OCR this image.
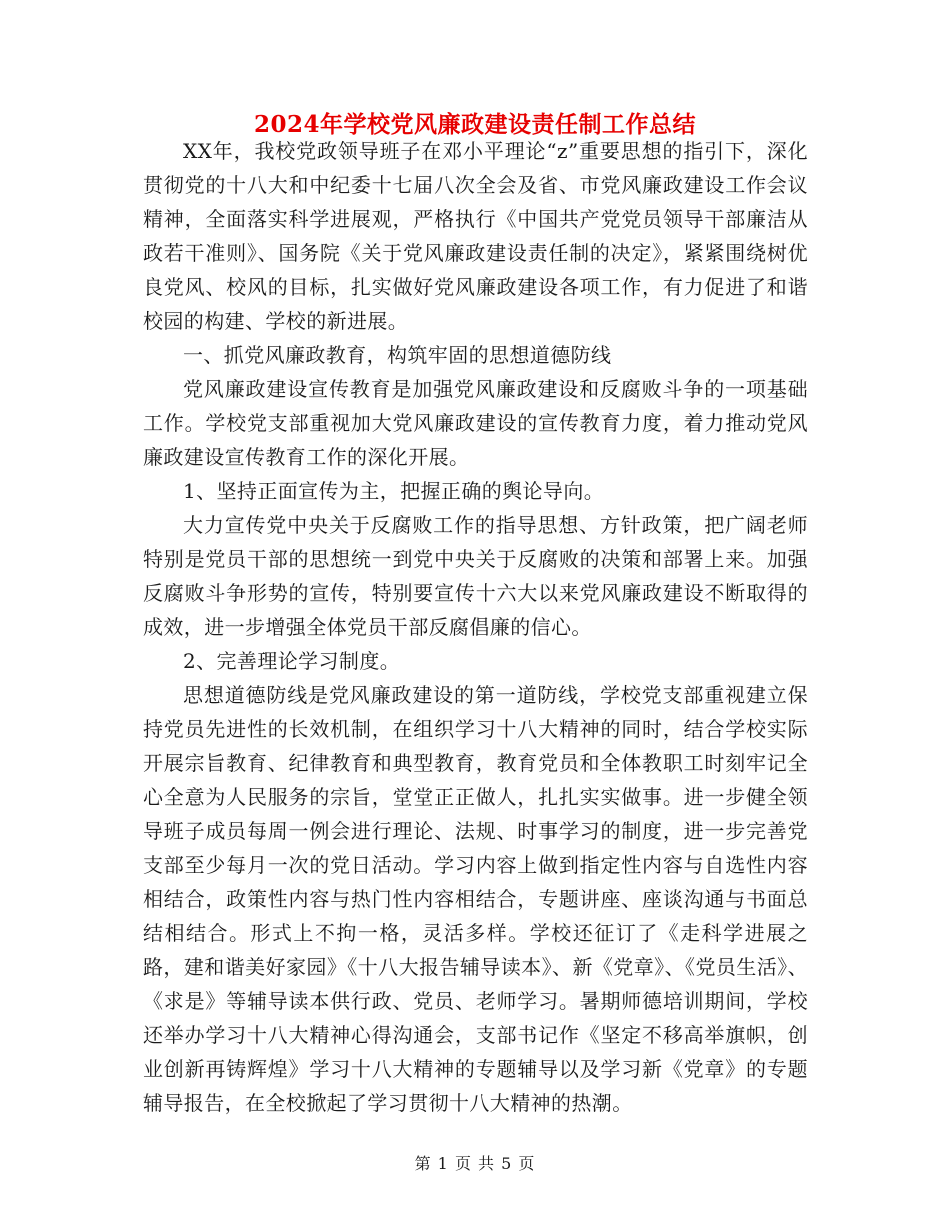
2024年学校党风廉政建设责任制工作总结

XX年，我校党政领导班子在邓小平理论“z”重要思想的指引下，深化贯彻党的十八大和中纪委十七届八次全会及省、市党风廉政建设工作会议精神，全面落实科学进展观，严格执行《中国共产党党员领导干部廉洁从政若干准则》、国务院《关于党风廉政建设责任制的决定》，紧紧围绕树优良党风、校风的目标，扎实做好党风廉政建设各项工作，有力促进了和谐校园的构建、学校的新进展。

一、抓党风廉政教育，构筑牢固的思想道德防线

党风廉政建设宣传教育是加强党风廉政建设和反腐败斗争的一项基础工作。学校党支部重视加大党风廉政建设的宣传教育力度，着力推动党风廉政建设宣传教育工作的深化开展。

1、坚持正面宣传为主，把握正确的舆论导向。

大力宣传党中央关于反腐败工作的指导思想、方针政策，把广阔老师特别是党员干部的思想统一到党中央关于反腐败的决策和部署上来。加强反腐败斗争形势的宣传，特别要宣传十六大以来党风廉政建设不断取得的成效，进一步增强全体党员干部反腐倡廉的信心。

2、完善理论学习制度。

思想道德防线是党风廉政建设的第一道防线，学校党支部重视建立保持党员先进性的长效机制，在组织学习十八大精神的同时，结合学校实际开展宗旨教育、纪律教育和典型教育，教育党员和全体教职工时刻牢记全心全意为人民服务的宗旨，堂堂正正做人，扎扎实实做事。进一步健全领导班子成员每周一例会进行理论、法规、时事学习的制度，进一步完善党支部至少每月一次的党日活动。学习内容上做到指定性内容与自选性内容相结合，政策性内容与热门性内容相结合，专题讲座、座谈沟通与书面总结相结合。形式上不拘一格，灵活多样。学校还征订了《走科学进展之路，建和谐美好家园》《十八大报告辅导读本》、新《党章》、《党员生活》、《求是》等辅导读本供行政、党员、老师学习。暑期师德培训期间，学校还举办学习十八大精神心得沟通会，支部书记作《坚定不移高举旗帜，创业创新再铸辉煌》学习十八大精神的专题辅导以及学习新《党章》的专题辅导报告，在全校掀起了学习贯彻十八大精神的热潮。

第 1 页 共 5 页
